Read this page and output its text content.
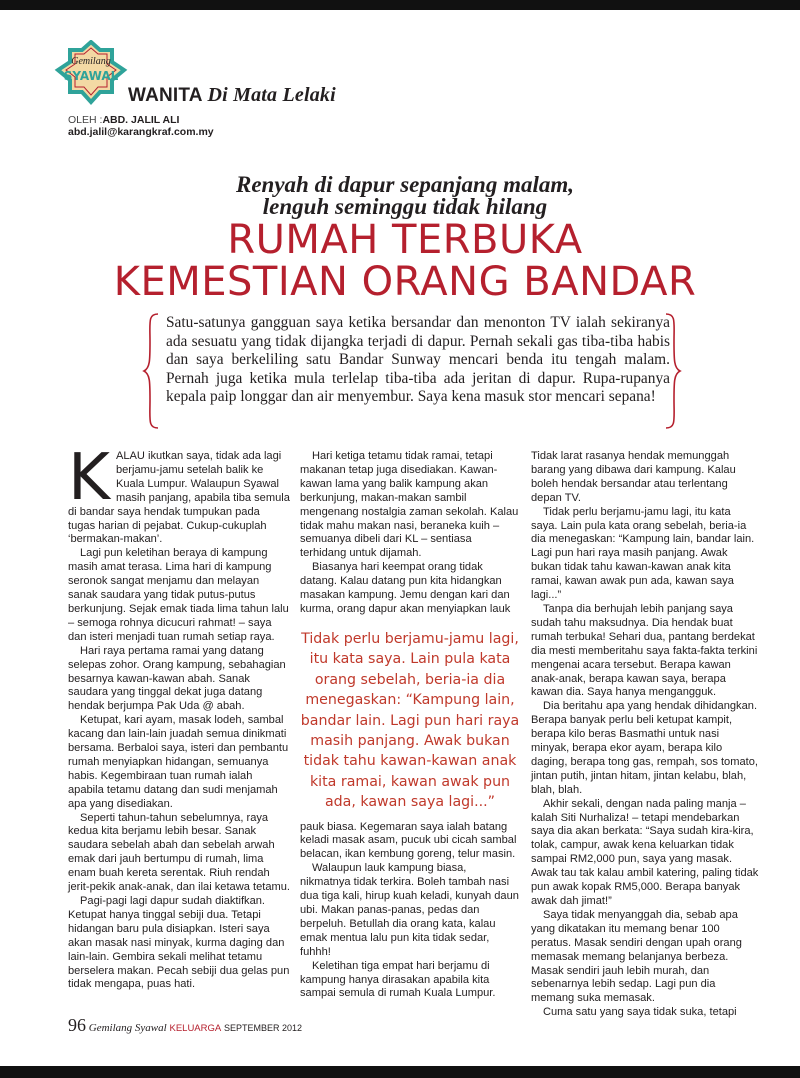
Gemilang
SYAWAL
WANITA Di Mata Lelaki
OLEH :ABD. JALIL ALI
abd.jalil@karangkraf.com.my
Renyah di dapur sepanjang malam,
lenguh seminggu tidak hilang
RUMAH TERBUKA
KEMESTIAN ORANG BANDAR
Satu-satunya gangguan saya ketika bersandar dan menonton TV ialah sekiranya ada sesuatu yang tidak dijangka terjadi di dapur. Pernah sekali gas tiba-tiba habis dan saya berkeliling satu Bandar Sunway mencari benda itu tengah malam. Pernah juga ketika mula terlelap tiba-tiba ada jeritan di dapur. Rupa-rupanya kepala paip longgar dan air menyembur. Saya kena masuk stor mencari sepana!

KALAU ikutkan saya, tidak ada lagi berjamu-jamu setelah balik ke Kuala Lumpur. Walaupun Syawal masih panjang, apabila tiba semula di bandar saya hendak tumpukan pada tugas harian di pejabat. Cukup-cukuplah ‘bermakan-makan’.

Lagi pun keletihan beraya di kampung masih amat terasa. Lima hari di kampung seronok sangat menjamu dan melayan sanak saudara yang tidak putus-putus berkunjung. Sejak emak tiada lima tahun lalu – semoga rohnya dicucuri rahmat! – saya dan isteri menjadi tuan rumah setiap raya.

Hari raya pertama ramai yang datang selepas zohor. Orang kampung, sebahagian besarnya kawan-kawan abah. Sanak saudara yang tinggal dekat juga datang hendak berjumpa Pak Uda @ abah.

Ketupat, kari ayam, masak lodeh, sambal kacang dan lain-lain juadah semua dinikmati bersama. Berbaloi saya, isteri dan pembantu rumah menyiapkan hidangan, semuanya habis. Kegembiraan tuan rumah ialah apabila tetamu datang dan sudi menjamah apa yang disediakan.

Seperti tahun-tahun sebelumnya, raya kedua kita berjamu lebih besar. Sanak saudara sebelah abah dan sebelah arwah emak dari jauh bertumpu di rumah, lima enam buah kereta serentak. Riuh rendah jerit-pekik anak-anak, dan ilai ketawa tetamu.

Pagi-pagi lagi dapur sudah diaktifkan. Ketupat hanya tinggal sebiji dua. Tetapi hidangan baru pula disiapkan. Isteri saya akan masak nasi minyak, kurma daging dan lain-lain. Gembira sekali melihat tetamu berselera makan. Pecah sebiji dua gelas pun tidak mengapa, puas hati.

Hari ketiga tetamu tidak ramai, tetapi makanan tetap juga disediakan. Kawan-kawan lama yang balik kampung akan berkunjung, makan-makan sambil mengenang nostalgia zaman sekolah. Kalau tidak mahu makan nasi, beraneka kuih – semuanya dibeli dari KL – sentiasa terhidang untuk dijamah.

Biasanya hari keempat orang tidak datang. Kalau datang pun kita hidangkan masakan kampung. Jemu dengan kari dan kurma, orang dapur akan menyiapkan lauk

Tidak perlu berjamu-jamu lagi, itu kata saya. Lain pula kata orang sebelah, beria-ia dia menegaskan: “Kampung lain, bandar lain. Lagi pun hari raya masih panjang. Awak bukan tidak tahu kawan-kawan anak kita ramai, kawan awak pun ada, kawan saya lagi...”

pauk biasa. Kegemaran saya ialah batang keladi masak asam, pucuk ubi cicah sambal belacan, ikan kembung goreng, telur masin.

Walaupun lauk kampung biasa, nikmatnya tidak terkira. Boleh tambah nasi dua tiga kali, hirup kuah keladi, kunyah daun ubi. Makan panas-panas, pedas dan berpeluh. Betullah dia orang kata, kalau emak mentua lalu pun kita tidak sedar, fuhhh!

Keletihan tiga empat hari berjamu di kampung hanya dirasakan apabila kita sampai semula di rumah Kuala Lumpur.

Tidak larat rasanya hendak memunggah barang yang dibawa dari kampung. Kalau boleh hendak bersandar atau terlentang depan TV.

Tidak perlu berjamu-jamu lagi, itu kata saya. Lain pula kata orang sebelah, beria-ia dia menegaskan: “Kampung lain, bandar lain. Lagi pun hari raya masih panjang. Awak bukan tidak tahu kawan-kawan anak kita ramai, kawan awak pun ada, kawan saya lagi...”

Tanpa dia berhujah lebih panjang saya sudah tahu maksudnya. Dia hendak buat rumah terbuka! Sehari dua, pantang berdekat dia mesti memberitahu saya fakta-fakta terkini mengenai acara tersebut. Berapa kawan anak-anak, berapa kawan saya, berapa kawan dia. Saya hanya mengangguk.

Dia beritahu apa yang hendak dihidangkan. Berapa banyak perlu beli ketupat kampit, berapa kilo beras Basmathi untuk nasi minyak, berapa ekor ayam, berapa kilo daging, berapa tong gas, rempah, sos tomato, jintan putih, jintan hitam, jintan kelabu, blah, blah, blah.

Akhir sekali, dengan nada paling manja – kalah Siti Nurhaliza! – tetapi mendebarkan saya dia akan berkata: “Saya sudah kira-kira, tolak, campur, awak kena keluarkan tidak sampai RM2,000 pun, saya yang masak. Awak tau tak kalau ambil katering, paling tidak pun awak kopak RM5,000. Berapa banyak awak dah jimat!”

Saya tidak menyanggah dia, sebab apa yang dikatakan itu memang benar 100 peratus. Masak sendiri dengan upah orang memasak memang belanjanya berbeza. Masak sendiri jauh lebih murah, dan sebenarnya lebih sedap. Lagi pun dia memang suka memasak.

Cuma satu yang saya tidak suka, tetapi

96 Gemilang Syawal KELUARGA SEPTEMBER 2012
